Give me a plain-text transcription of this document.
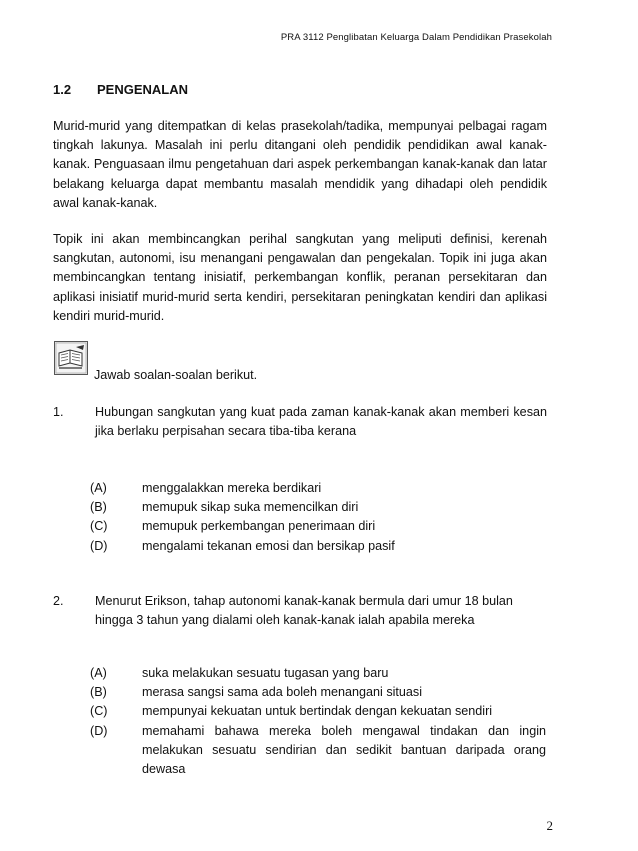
PRA 3112 Penglibatan Keluarga Dalam Pendidikan Prasekolah
1.2 PENGENALAN

Murid-murid yang ditempatkan di kelas prasekolah/tadika, mempunyai pelbagai ragam tingkah lakunya. Masalah ini perlu ditangani oleh pendidik pendidikan awal kanak-kanak. Penguasaan ilmu pengetahuan dari aspek perkembangan kanak-kanak dan latar belakang keluarga dapat membantu masalah mendidik yang dihadapi oleh pendidik awal kanak-kanak.

Topik ini akan membincangkan perihal sangkutan yang meliputi definisi, kerenah sangkutan, autonomi, isu menangani pengawalan dan pengekalan. Topik ini juga akan membincangkan tentang inisiatif, perkembangan konflik, peranan persekitaran dan aplikasi inisiatif murid-murid serta kendiri, persekitaran peningkatan kendiri dan aplikasi kendiri murid-murid.

Jawab soalan-soalan berikut.
1. Hubungan sangkutan yang kuat pada zaman kanak-kanak akan memberi kesan jika berlaku perpisahan secara tiba-tiba kerana
(A)	menggalakkan mereka berdikari
(B)	memupuk sikap suka memencilkan diri
(C)	memupuk perkembangan penerimaan diri
(D)	mengalami tekanan emosi dan bersikap pasif
2. Menurut Erikson, tahap autonomi kanak-kanak bermula dari umur 18 bulan hingga 3 tahun yang dialami oleh kanak-kanak ialah apabila mereka
(A)	suka melakukan sesuatu tugasan yang baru
(B)	merasa sangsi sama ada boleh menangani situasi
(C)	mempunyai kekuatan untuk bertindak dengan kekuatan sendiri
(D)	memahami bahawa mereka boleh mengawal tindakan dan ingin melakukan sesuatu sendirian dan sedikit bantuan daripada orang dewasa
2
